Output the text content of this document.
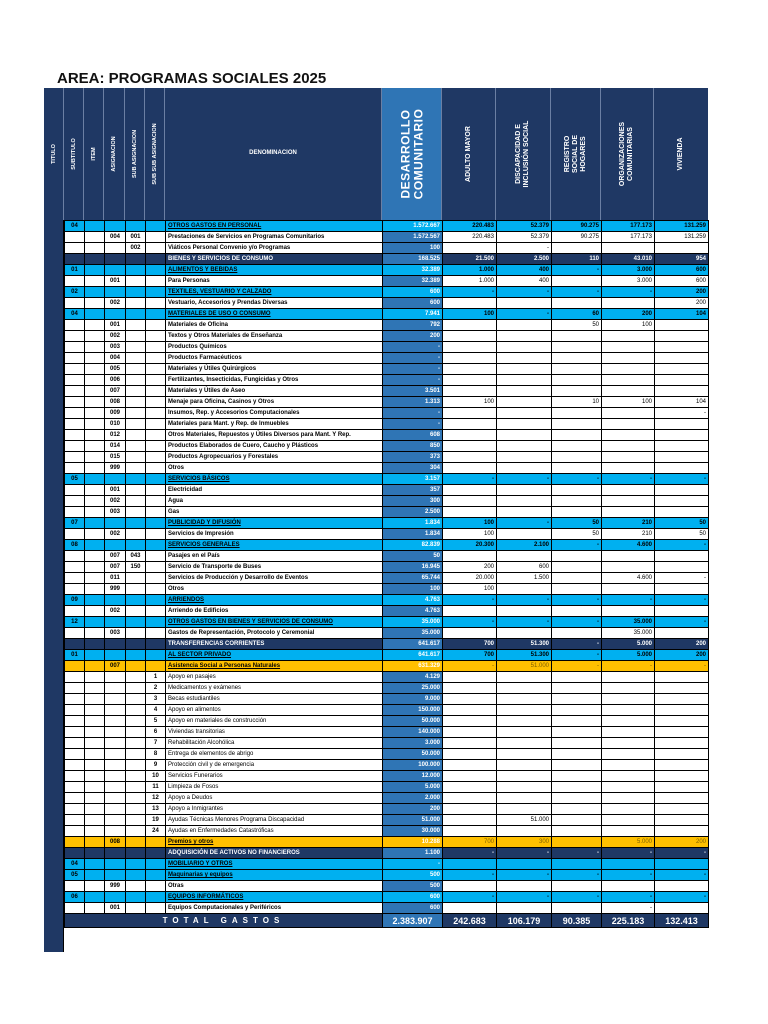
AREA: PROGRAMAS SOCIALES 2025
TITULO	SUBTITULO	ITEM	ASIGNACION	SUB ASIGNACION	SUB SUB ASIGNACION	DENOMINACION	DESARROLLO COMUNITARIO	ADULTO MAYOR	DISCAPACIDAD E INCLUSIÓN SOCIAL	REGISTRO SOCIAL DE HOGARES	ORGANIZACIONES COMUNITARIAS	VIVIENDA
04					OTROS GASTOS EN PERSONAL	1.572.667	220.483	52.379	90.275	177.173	131.259
		004	001		Prestaciones de Servicios en Programas Comunitarios	1.572.567	220.483	52.379	90.275	177.173	131.259
			002		Viáticos Personal Convenio y/o Programas	100		-			
					BIENES Y SERVICIOS DE CONSUMO	168.525	21.500	2.500	110	43.010	954
01					ALIMENTOS Y BEBIDAS	32.389	1.000	400	-	3.000	600
		001			Para Personas	32.389	1.000	400		3.000	600
02					TEXTILES, VESTUARIO Y CALZADO	600	-	-	-	-	200
		002			Vestuario, Accesorios y Prendas Diversas	600					200
04					MATERIALES DE USO O CONSUMO	7.941	100	-	60	200	104
		001			Materiales de Oficina	792			50	100	
		002			Textos y Otros Materiales de Enseñanza	200					
		003			Productos Químicos	-					
		004			Productos Farmacéuticos	-					
		005			Materiales y Útiles Quirúrgicos	-					
		006			Fertilizantes, Insecticidas, Fungicidas y Otros	-					
		007			Materiales y Útiles de Aseo	3.501					
		008			Menaje para Oficina, Casinos y Otros	1.313	100		10	100	104
		009			Insumos, Rep. y Accesorios Computacionales	-					-
		010			Materiales para Mant. y Rep. de Inmuebles	-					
		012			Otros Materiales, Repuestos y Útiles Diversos para Mant. Y Rep.	608					
		014			Productos Elaborados de Cuero, Caucho y Plásticos	850					
		015			Productos Agropecuarios y Forestales	373					
		999			Otros	304					
05					SERVICIOS BÁSICOS	3.157	-	-	-	-	-
		001			Electricidad	357					
		002			Agua	300					
		003			Gas	2.500					
07					PUBLICIDAD Y DIFUSIÓN	1.834	100	-	50	210	50
		002			Servicios de Impresión	1.834	100		50	210	50
08					SERVICIOS GENERALES	82.839	20.300	2.100	-	4.600	-
		007	043		Pasajes en el País	50					
		007	150		Servicio de Transporte de Buses	16.945	200	600			
		011			Servicios de Producción y Desarrollo de Eventos	65.744	20.000	1.500		4.600	-
		999			Otros	100	100				
09					ARRIENDOS	4.763	-	-	-	-	-
		002			Arriendo de Edificios	4.763					
12					OTROS GASTOS EN BIENES Y SERVICIOS DE CONSUMO	35.000	-	-	-	35.000	-
		003			Gastos de Representación, Protocolo y Ceremonial	35.000				35.000	
					TRANSFERENCIAS CORRIENTES	641.617	700	51.300	-	5.000	200
01					AL SECTOR PRIVADO	641.617	700	51.300	-	5.000	200
		007			Asistencia Social a Personas Naturales	631.329	-	51.000	-	-	-
				1	Apoyo en pasajes	4.129					
				2	Medicamentos y exámenes	25.000					
				3	Becas estudiantiles	9.000					
				4	Apoyo en alimentos	150.000					
				5	Apoyo en materiales de construcción	50.000					
				6	Viviendas transitorias	140.000					
				7	Rehabilitación Alcohólica	3.000					
				8	Entrega de elementos de abrigo	50.000					
				9	Protección civil y de emergencia	100.000					
				10	Servicios Funerarios	12.000					
				11	Limpieza de Fosos	5.000					
				12	Apoyo a Deudos	2.000					
				13	Apoyo a Inmigrantes	200					
				19	Ayudas Técnicas Menores Programa Discapacidad	51.000		51.000			
				24	Ayudas en Enfermedades Catastróficas	30.000					
		008			Premios y otros	10.288	700	300		5.000	200
					ADQUISICIÓN DE ACTIVOS NO FINANCIEROS	1.100	-	-	-	-	-
04					MOBILIARIO Y OTROS	-					
05					Maquinarias y equipos	500	-	-	-	-	-
		999			Otras	500					
06					EQUIPOS INFORMÁTICOS	600	-	-	-	-	-
		001			Equipos Computacionales y Periféricos	600				-	
TOTAL GASTOS						2.383.907	242.683	106.179	90.385	225.183	132.413
